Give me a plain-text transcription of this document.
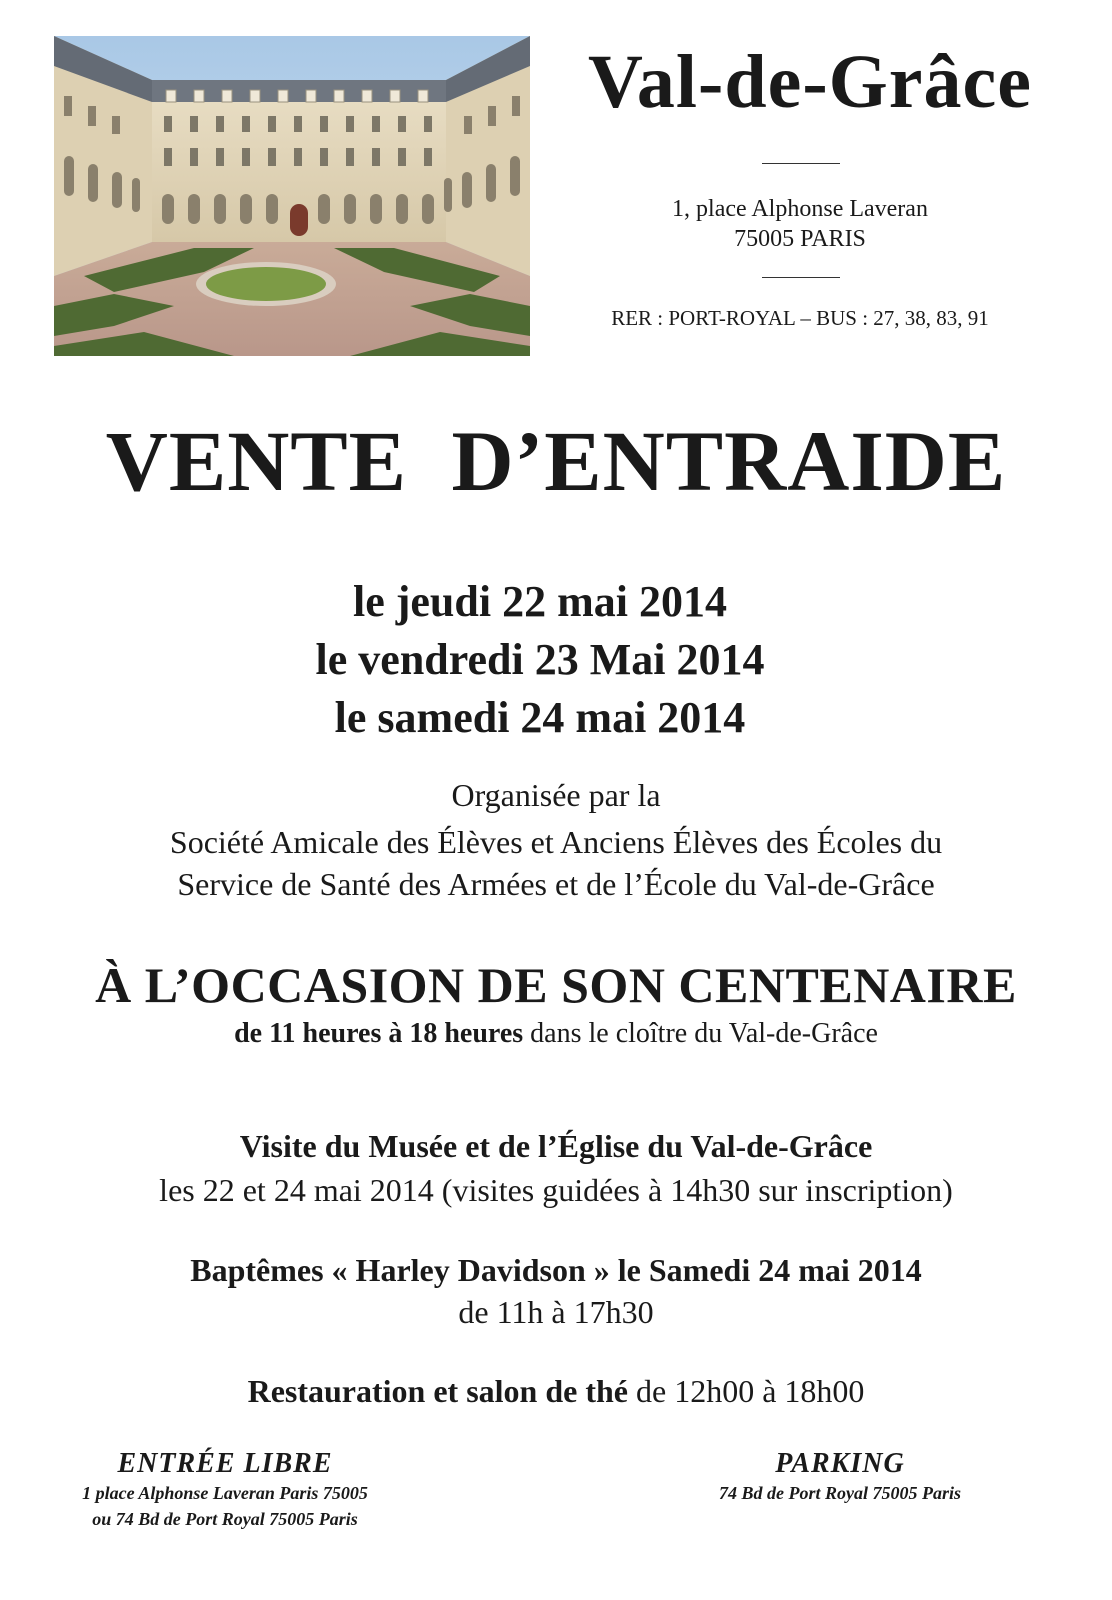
Val-de-Grâce
1, place Alphonse Laveran
75005 PARIS
RER : PORT-ROYAL – BUS : 27, 38, 83, 91
VENTE D’ENTRAIDE
le jeudi 22 mai 2014
le vendredi 23 Mai 2014
le samedi 24 mai 2014
Organisée par la
Société Amicale des Élèves et Anciens Élèves des Écoles du
Service de Santé des Armées et de l’École du Val-de-Grâce
À L’OCCASION DE SON CENTENAIRE
de 11 heures à 18 heures dans le cloître du Val-de-Grâce
Visite du Musée et de l’Église du Val-de-Grâce
les 22 et 24 mai 2014 (visites guidées à 14h30 sur inscription)
Baptêmes « Harley Davidson » le Samedi 24 mai 2014
de 11h à 17h30
Restauration et salon de thé de 12h00 à 18h00
ENTRÉE LIBRE
1 place Alphonse Laveran Paris 75005
ou 74 Bd de Port Royal 75005 Paris
PARKING
74 Bd de Port Royal 75005 Paris
